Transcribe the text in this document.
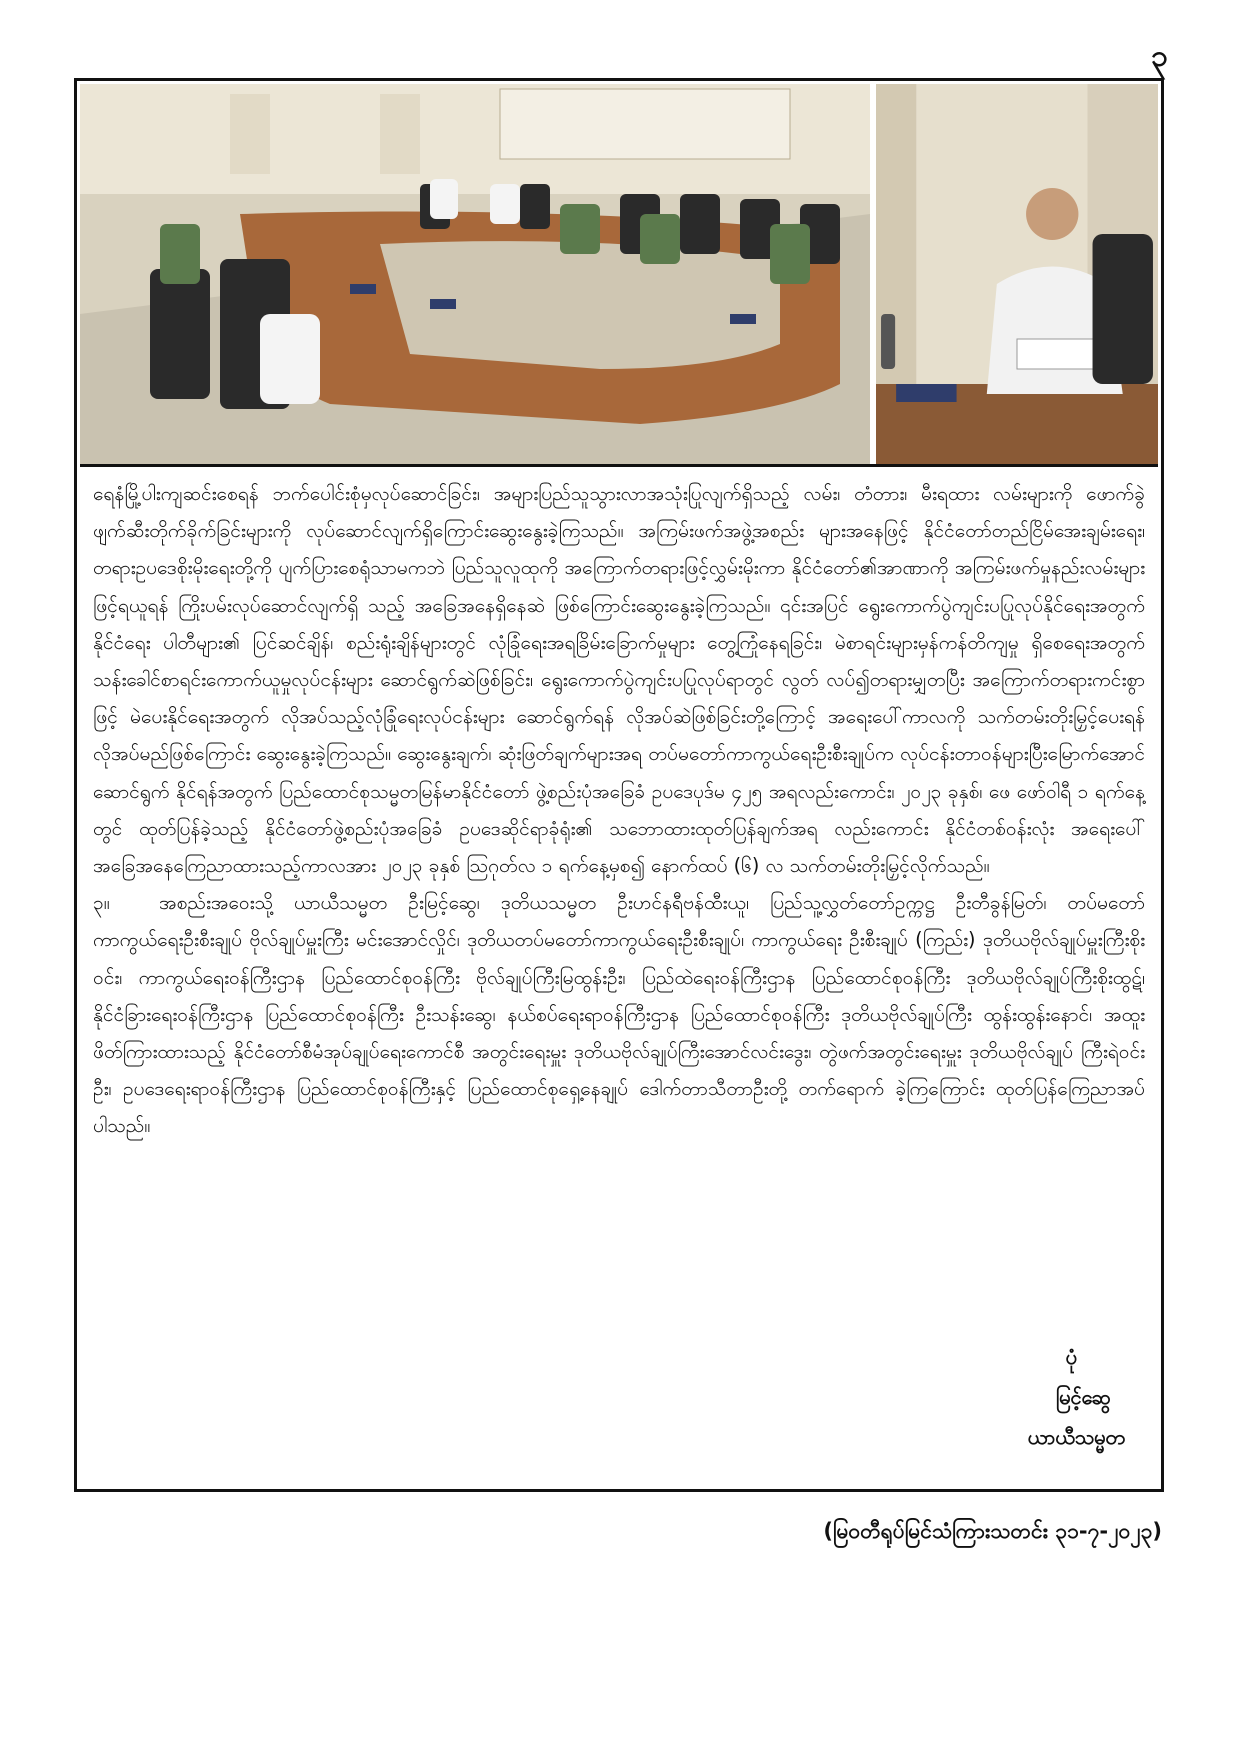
၃

ရေနံမြို့ပါးကျဆင်းစေရန် ဘက်ပေါင်းစုံမှလုပ်ဆောင်ခြင်း၊ အများပြည်သူသွားလာအသုံးပြုလျက်ရှိသည့် လမ်း၊ တံတား၊ မီးရထား လမ်းများကို ဖောက်ခွဲဖျက်ဆီးတိုက်ခိုက်ခြင်းများကို လုပ်ဆောင်လျက်ရှိကြောင်းဆွေးနွေးခဲ့ကြသည်။ အကြမ်းဖက်အဖွဲ့အစည်း များအနေဖြင့် နိုင်ငံတော်တည်ငြိမ်အေးချမ်းရေး၊ တရားဥပဒေစိုးမိုးရေးတို့ကို ပျက်ပြားစေရုံသာမကဘဲ ပြည်သူလူထုကို အကြောက်တရားဖြင့်လွှမ်းမိုးကာ နိုင်ငံတော်၏အာဏာကို အကြမ်းဖက်မှုနည်းလမ်းများဖြင့်ရယူရန် ကြိုးပမ်းလုပ်ဆောင်လျက်ရှိ သည့် အခြေအနေရှိနေဆဲ ဖြစ်ကြောင်းဆွေးနွေးခဲ့ကြသည်။ ၎င်းအပြင် ရွေးကောက်ပွဲကျင်းပပြုလုပ်နိုင်ရေးအတွက် နိုင်ငံရေး ပါတီများ၏ ပြင်ဆင်ချိန်၊ စည်းရုံးချိန်များတွင် လုံခြုံရေးအရခြိမ်းခြောက်မှုများ တွေ့ကြုံနေရခြင်း၊ မဲစာရင်းများမှန်ကန်တိကျမှု ရှိစေရေးအတွက် သန်းခေါင်စာရင်းကောက်ယူမှုလုပ်ငန်းများ ဆောင်ရွက်ဆဲဖြစ်ခြင်း၊ ရွေးကောက်ပွဲကျင်းပပြုလုပ်ရာတွင် လွတ် လပ်၍တရားမျှတပြီး အကြောက်တရားကင်းစွာဖြင့် မဲပေးနိုင်ရေးအတွက် လိုအပ်သည့်လုံခြုံရေးလုပ်ငန်းများ ဆောင်ရွက်ရန် လိုအပ်ဆဲဖြစ်ခြင်းတို့ကြောင့် အရေးပေါ်ကာလကို သက်တမ်းတိုးမြှင့်ပေးရန် လိုအပ်မည်ဖြစ်ကြောင်း ဆွေးနွေးခဲ့ကြသည်။ ဆွေးနွေးချက်၊ ဆုံးဖြတ်ချက်များအရ တပ်မတော်ကာကွယ်ရေးဦးစီးချုပ်က လုပ်ငန်းတာဝန်များပြီးမြောက်အောင် ဆောင်ရွက် နိုင်ရန်အတွက် ပြည်ထောင်စုသမ္မတမြန်မာနိုင်ငံတော် ဖွဲ့စည်းပုံအခြေခံ ဥပဒေပုဒ်မ ၄၂၅ အရလည်းကောင်း၊ ၂၀၂၃ ခုနှစ်၊ ဖေ ဖော်ဝါရီ ၁ ရက်နေ့တွင် ထုတ်ပြန်ခဲ့သည့် နိုင်ငံတော်ဖွဲ့စည်းပုံအခြေခံ ဥပဒေဆိုင်ရာခုံရုံး၏ သဘောထားထုတ်ပြန်ချက်အရ လည်းကောင်း နိုင်ငံတစ်ဝန်းလုံး အရေးပေါ်အခြေအနေကြေညာထားသည့်ကာလအား ၂၀၂၃ ခုနှစ် ဩဂုတ်လ ၁ ရက်နေ့မှစ၍ နောက်ထပ် (၆) လ သက်တမ်းတိုးမြှင့်လိုက်သည်။

၃။	အစည်းအဝေးသို့ ယာယီသမ္မတ ဦးမြင့်ဆွေ၊ ဒုတိယသမ္မတ ဦးဟင်နရီဗန်ထီးယူ၊ ပြည်သူ့လွှတ်တော်ဥက္ကဋ္ဌ ဦးတီခွန်မြတ်၊ တပ်မတော်ကာကွယ်ရေးဦးစီးချုပ် ဗိုလ်ချုပ်မှူးကြီး မင်းအောင်လှိုင်၊ ဒုတိယတပ်မတော်ကာကွယ်ရေးဦးစီးချုပ်၊ ကာကွယ်ရေး ဦးစီးချုပ် (ကြည်း) ဒုတိယဗိုလ်ချုပ်မှူးကြီးစိုးဝင်း၊ ကာကွယ်ရေးဝန်ကြီးဌာန ပြည်ထောင်စုဝန်ကြီး ဗိုလ်ချုပ်ကြီးမြထွန်းဦး၊ ပြည်ထဲရေးဝန်ကြီးဌာန ပြည်ထောင်စုဝန်ကြီး ဒုတိယဗိုလ်ချုပ်ကြီးစိုးထွဋ်၊ နိုင်ငံခြားရေးဝန်ကြီးဌာန ပြည်ထောင်စုဝန်ကြီး ဦးသန်းဆွေ၊ နယ်စပ်ရေးရာဝန်ကြီးဌာန ပြည်ထောင်စုဝန်ကြီး ဒုတိယဗိုလ်ချုပ်ကြီး ထွန်းထွန်းနောင်၊ အထူးဖိတ်ကြားထားသည့် နိုင်ငံတော်စီမံအုပ်ချုပ်ရေးကောင်စီ အတွင်းရေးမှူး ဒုတိယဗိုလ်ချုပ်ကြီးအောင်လင်းဒွေး၊ တွဲဖက်အတွင်းရေးမှူး ဒုတိယဗိုလ်ချုပ် ကြီးရဲဝင်းဦး၊ ဥပဒေရေးရာဝန်ကြီးဌာန ပြည်ထောင်စုဝန်ကြီးနှင့် ပြည်ထောင်စုရှေ့နေချုပ် ဒေါက်တာသီတာဦးတို့ တက်ရောက် ခဲ့ကြကြောင်း ထုတ်ပြန်ကြေညာအပ်ပါသည်။

ပုံ
မြင့်ဆွေ
ယာယီသမ္မတ
(မြဝတီရုပ်မြင်သံကြားသတင်း ၃၁-၇-၂၀၂၃)
